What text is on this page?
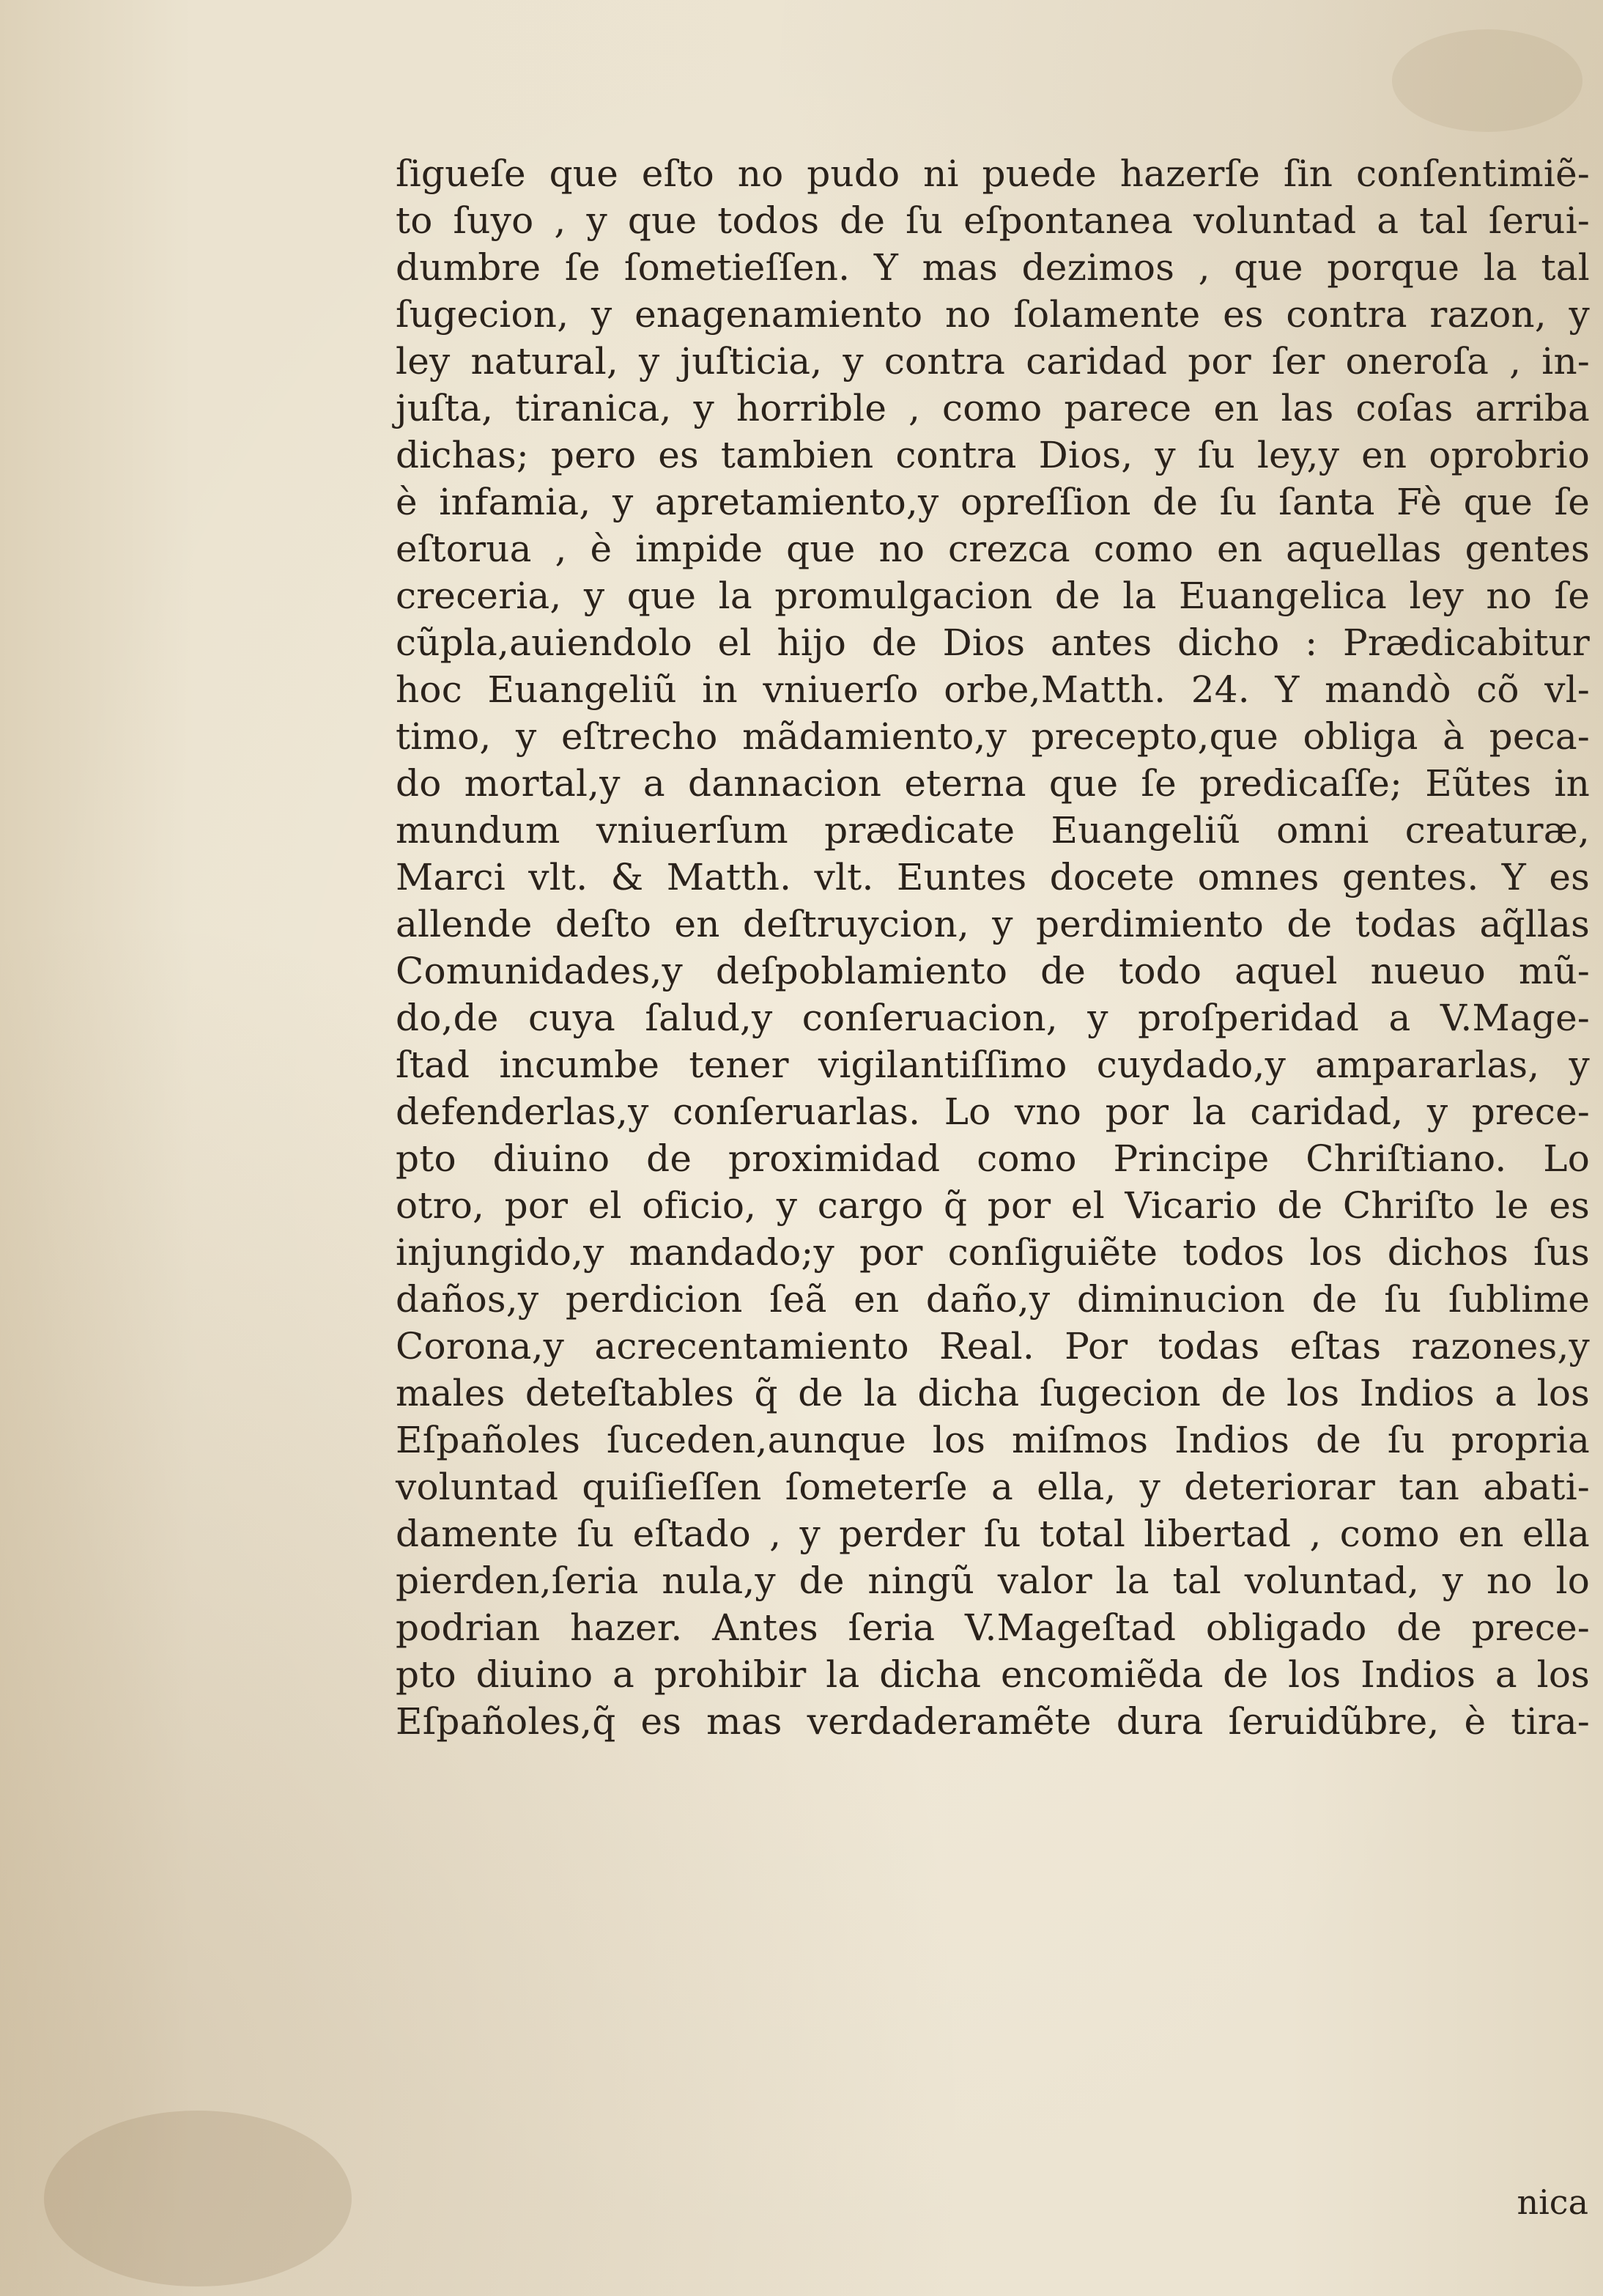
ſigueſe que eſto no pudo ni puede hazerſe ſin conſentimiẽ-

to ſuyo , y que todos de ſu eſpontanea voluntad a tal ſerui-

dumbre ſe ſometieſſen. Y mas dezimos , que porque la tal

ſugecion, y enagenamiento no ſolamente es contra razon, y

ley natural, y juſticia, y contra caridad por ſer oneroſa , in-

juſta, tiranica, y horrible , como parece en las coſas arriba

dichas; pero es tambien contra Dios, y ſu ley,y en oprobrio

è infamia, y apretamiento,y opreſſion de ſu ſanta Fè que ſe

eſtorua , è impide que no crezca como en aquellas gentes

creceria, y que la promulgacion de la Euangelica ley no ſe

cũpla,auiendolo el hijo de Dios antes dicho : Prædicabitur

hoc Euangeliũ in vniuerſo orbe,Matth. 24. Y mandò cõ vl-

timo, y eſtrecho mãdamiento,y precepto,que obliga à peca-

do mortal,y a dannacion eterna que ſe predicaſſe; Eũtes in

mundum vniuerſum prædicate Euangeliũ omni creaturæ,

Marci vlt. & Matth. vlt. Euntes docete omnes gentes. Y es

allende deſto en deſtruycion, y perdimiento de todas aq̃llas

Comunidades,y deſpoblamiento de todo aquel nueuo mũ-

do,de cuya ſalud,y conſeruacion, y proſperidad a V.Mage-

ſtad incumbe tener vigilantiſſimo cuydado,y ampararlas, y

defenderlas,y conſeruarlas. Lo vno por la caridad, y prece-

pto diuino de proximidad como Principe Chriſtiano. Lo

otro, por el oficio, y cargo q̃ por el Vicario de Chriſto le es

injungido,y mandado;y por conſiguiẽte todos los dichos ſus

daños,y perdicion ſeã en daño,y diminucion de ſu ſublime

Corona,y acrecentamiento Real. Por todas eſtas razones,y

males deteſtables q̃ de la dicha ſugecion de los Indios a los

Eſpañoles ſuceden,aunque los miſmos Indios de ſu propria

voluntad quiſieſſen ſometerſe a ella, y deteriorar tan abati-

damente ſu eſtado , y perder ſu total libertad , como en ella

pierden,ſeria nula,y de ningũ valor la tal voluntad, y no lo

podrian hazer. Antes ſeria V.Mageſtad obligado de prece-

pto diuino a prohibir la dicha encomiẽda de los Indios a los

Eſpañoles,q̃ es mas verdaderamẽte dura ſeruidũbre, è tira-

nica
